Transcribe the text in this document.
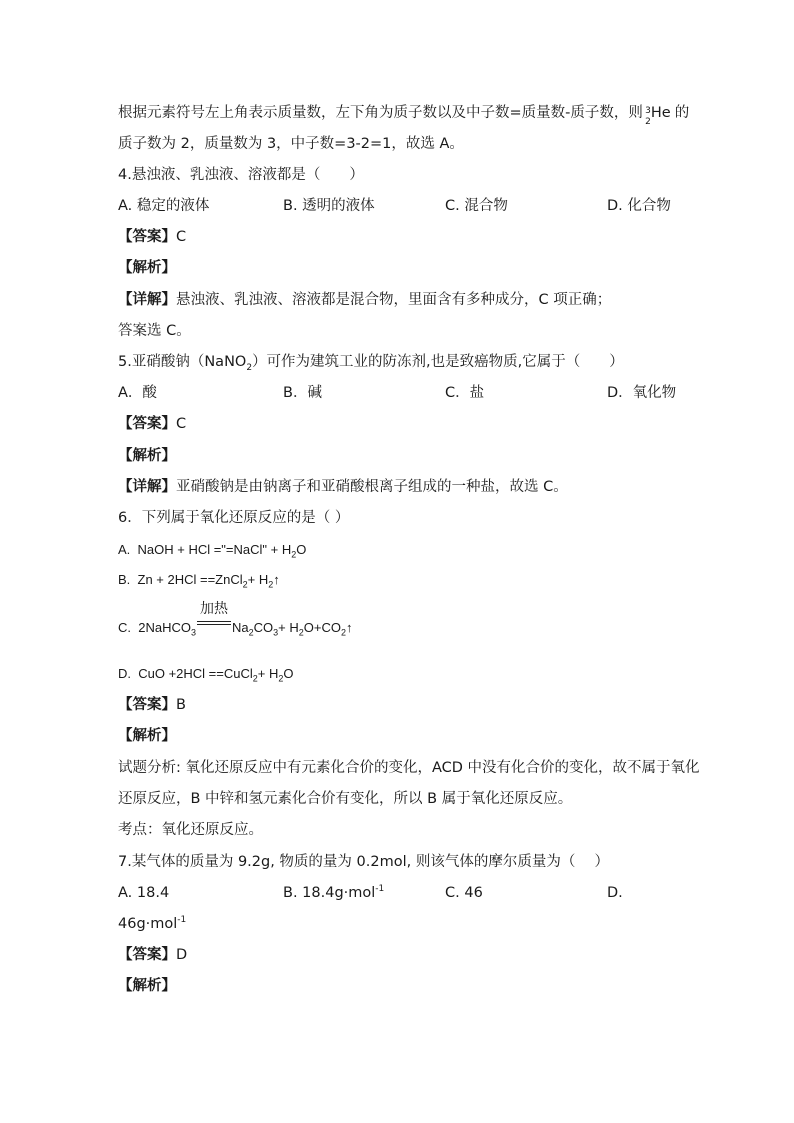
根据元素符号左上角表示质量数，左下角为质子数以及中子数=质量数-质子数，则 3
2
He 的
质子数为 2，质量数为 3，中子数=3-2=1，故选 A。
4.悬浊液、乳浊液、溶液都是（　　）
A. 稳定的液体	B. 透明的液体	C. 混合物	D. 化合物
【答案】C
【解析】
【详解】悬浊液、乳浊液、溶液都是混合物，里面含有多种成分，C 项正确；
答案选 C。
5.亚硝酸钠（NaNO$_2$）可作为建筑工业的防冻剂,也是致癌物质,它属于（　　）
A．酸	B．碱	C．盐	D．氧化物
【答案】C
【解析】
【详解】亚硝酸钠是由钠离子和亚硝酸根离子组成的一种盐，故选 C。
6．下列属于氧化还原反应的是（ ）
A.  NaOH + HCl ="=NaCl" + $H_2O$
B.  Zn + 2HCl ==ZnCl$_2$+ $H_2↑$
C.  2NaHCO$_3$
加热
$Na_2CO_3+$ $H_2O+CO_2↑$
D.  CuO +2HCl ==CuCl$_2$+ $H_2O$
【答案】B
【解析】
试题分析: 氧化还原反应中有元素化合价的变化，ACD 中没有化合价的变化，故不属于氧化
还原反应，B 中锌和氢元素化合价有变化，所以 B 属于氧化还原反应。
考点：氧化还原反应。
7.某气体的质量为 9.2g, 物质的量为 0.2mol, 则该气体的摩尔质量为（　 ）
A. 18.4	B. 18.4g·mol$^{-1}$	C. 46	D.
46g·mol$^{-1}$
【答案】D
【解析】
